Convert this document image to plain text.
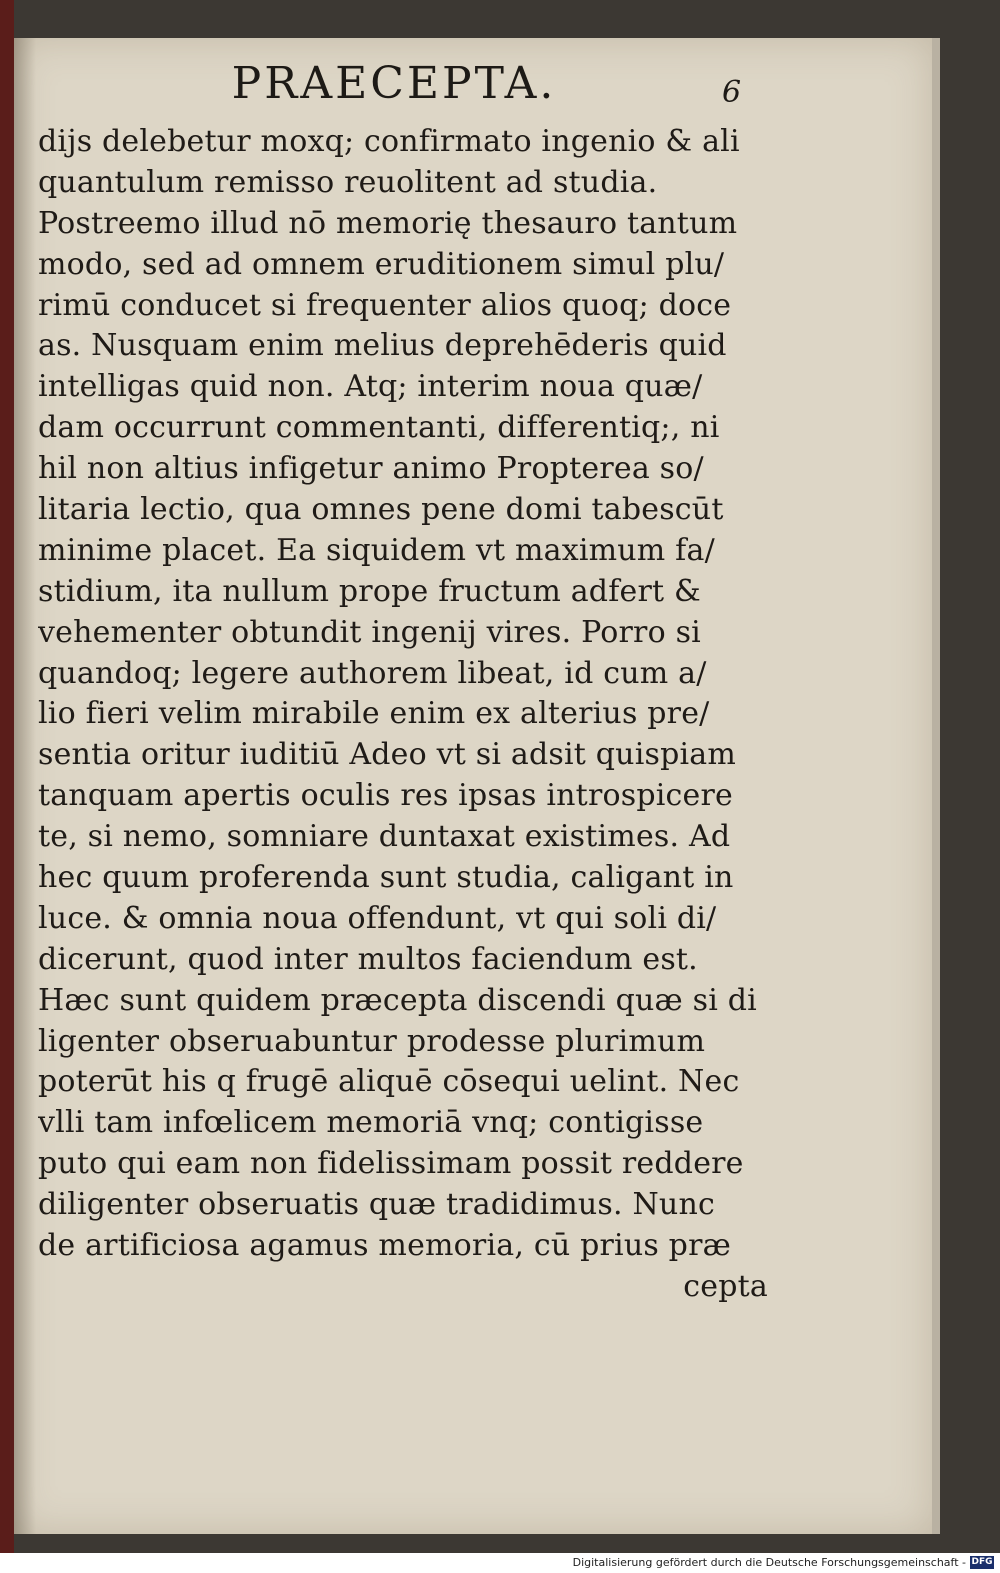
PRAECEPTA.	6
dijs delebetur moxq; confirmato ingenio & ali
quantulum remisso reuolitent ad studia.
Postreemo illud nō memorię thesauro tantum
modo, sed ad omnem eruditionem simul plu/
rimū conducet si frequenter alios quoq; doce
as. Nusquam enim melius deprehēderis quid
intelligas quid non. Atq; interim noua quæ/
dam occurrunt commentanti, differentiq;, ni
hil non altius infigetur animo Propterea so/
litaria lectio, qua omnes pene domi tabescūt
minime placet. Ea siquidem vt maximum fa/
stidium, ita nullum prope fructum adfert &
vehementer obtundit ingenij vires. Porro si
quandoq; legere authorem libeat, id cum a/
lio fieri velim mirabile enim ex alterius pre/
sentia oritur iuditiū Adeo vt si adsit quispiam
tanquam apertis oculis res ipsas introspicere
te, si nemo, somniare duntaxat existimes. Ad
hec quum proferenda sunt studia, caligant in
luce. & omnia noua offendunt, vt qui soli di/
dicerunt, quod inter multos faciendum est.
Hæc sunt quidem præcepta discendi quæ si di
ligenter obseruabuntur prodesse plurimum
poterūt his q frugē aliquē cōsequi uelint. Nec
vlli tam infœlicem memoriā vnq; contigisse
puto qui eam non fidelissimam possit reddere
diligenter obseruatis quæ tradidimus. Nunc
de artificiosa agamus memoria, cū prius præ
cepta
Digitalisierung gefördert durch die Deutsche Forschungsgemeinschaft - DFG
